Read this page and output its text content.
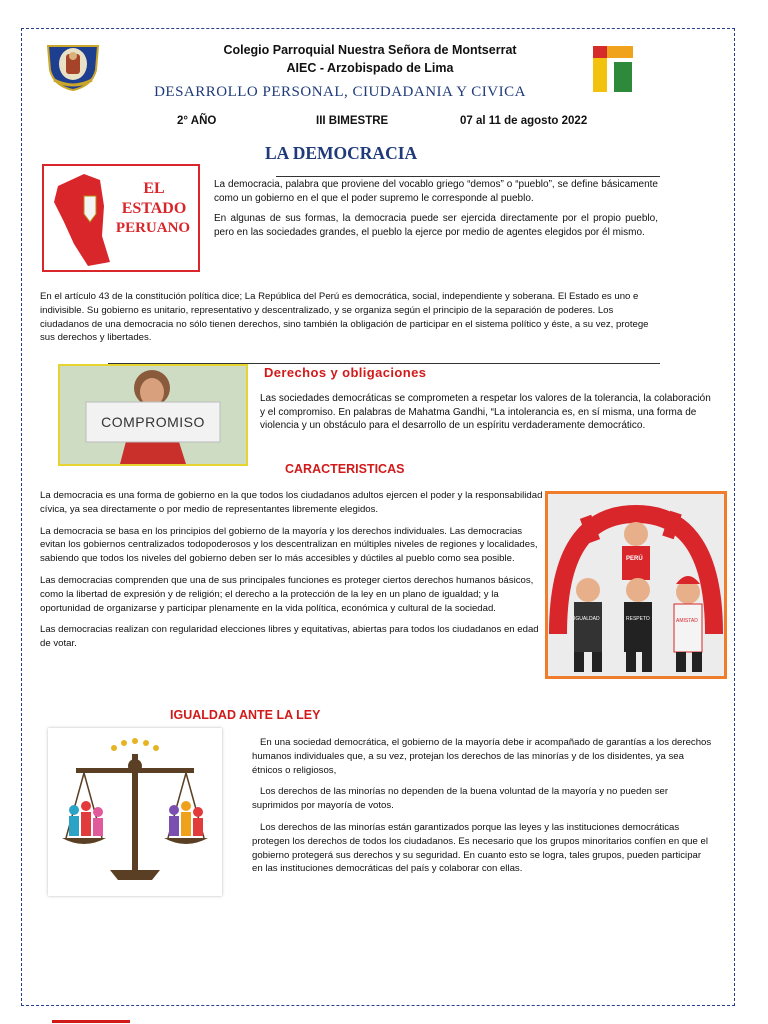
Colegio Parroquial Nuestra Señora de Montserrat
AIEC - Arzobispado de Lima
DESARROLLO PERSONAL, CIUDADANIA Y CIVICA
2° AÑO	III BIMESTRE	07 al 11 de agosto 2022
LA DEMOCRACIA
EL
ESTADO
PERUANO

La democracia, palabra que proviene del vocablo griego “demos” o “pueblo”, se define básicamente como un gobierno en el que el poder supremo le corresponde al pueblo.

En algunas de sus formas, la democracia puede ser ejercida directamente por el propio pueblo, pero en las sociedades grandes, el pueblo la ejerce por medio de agentes elegidos por él mismo.

En el artículo 43 de la constitución política dice; La República del Perú es democrática, social, independiente y soberana. El Estado es uno e indivisible. Su gobierno es unitario, representativo y descentralizado, y se organiza según el principio de la separación de poderes. Los ciudadanos de una democracia no sólo tienen derechos, sino también la obligación de participar en el sistema político y éste, a su vez, protege sus derechos y libertades.

COMPROMISO
Derechos y obligaciones

Las sociedades democráticas se comprometen a respetar los valores de la tolerancia, la colaboración y el compromiso. En palabras de Mahatma Gandhi, “La intolerancia es, en sí misma, una forma de violencia y un obstáculo para el desarrollo de un espíritu verdaderamente democrático.

CARACTERISTICAS

La democracia es una forma de gobierno en la que todos los ciudadanos adultos ejercen el poder y la responsabilidad cívica, ya sea directamente o por medio de representantes libremente elegidos.

La democracia se basa en los principios del gobierno de la mayoría y los derechos individuales. Las democracias evitan los gobiernos centralizados todopoderosos y los descentralizan en múltiples niveles de regiones y localidades, sabiendo que todos los niveles del gobierno deben ser lo más accesibles y dúctiles al pueblo como sea posible.

Las democracias comprenden que una de sus principales funciones es proteger ciertos derechos humanos básicos, como la libertad de expresión y de religión; el derecho a la protección de la ley en un plano de igualdad; y la oportunidad de organizarse y participar plenamente en la vida política, económica y cultural de la sociedad.

Las democracias realizan con regularidad elecciones libres y equitativas, abiertas para todos los ciudadanos en edad de votar.

PERÚ
IGUALDAD	RESPETO	AMISTAD
IGUALDAD ANTE LA LEY

En una sociedad democrática, el gobierno de la mayoría debe ir acompañado de garantías a los derechos humanos individuales que, a su vez, protejan los derechos de las minorías y de los disidentes, ya sea étnicos o religiosos,

Los derechos de las minorías no dependen de la buena voluntad de la mayoría y no pueden ser suprimidos por mayoría de votos.

Los derechos de las minorías están garantizados porque las leyes y las instituciones democráticas protegen los derechos de todos los ciudadanos. Es necesario que los grupos minoritarios confíen en que el gobierno protegerá sus derechos y su seguridad. En cuanto esto se logra, tales grupos, pueden participar en las instituciones democráticas del país y colaborar con ellas.
